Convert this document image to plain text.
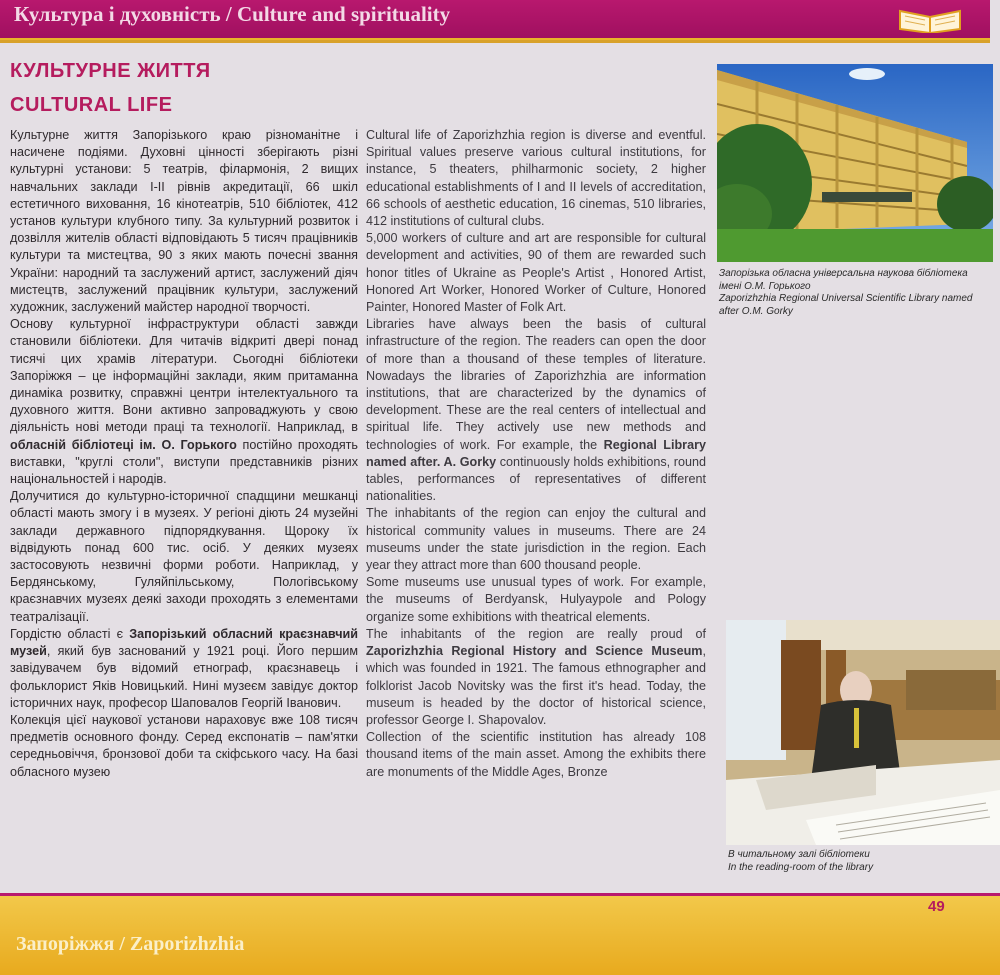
Культура і духовність / Culture and spirituality
КУЛЬТУРНЕ ЖИТТЯ
CULTURAL LIFE

Культурне життя Запорізького краю різноманітне і насичене подіями. Духовні цінності зберігають різні культурні установи: 5 театрів, філармонія, 2 вищих навчальних заклади І-ІІ рівнів акредитації, 66 шкіл естетичного виховання, 16 кінотеатрів, 510 бібліотек, 412 установ культури клубного типу. За культурний розвиток і дозвілля жителів області відповідають 5 тисяч працівників культури та мистецтва, 90 з яких мають почесні звання України: народний та заслужений артист, заслужений діяч мистецтв, заслужений працівник культури, заслужений художник, заслужений майстер народної творчості.

Основу культурної інфраструктури області завжди становили бібліотеки. Для читачів відкриті двері понад тисячі цих храмів літератури. Сьогодні бібліотеки Запоріжжя – це інформаційні заклади, яким притаманна динаміка розвитку, справжні центри інтелектуального та духовного життя. Вони активно запроваджують у свою діяльність нові методи праці та технології. Наприклад, в обласній бібліотеці ім. О. Горького постійно проходять виставки, "круглі столи", виступи представників різних національностей і народів.

Долучитися до культурно-історичної спадщини мешканці області мають змогу і в музеях. У регіоні діють 24 музейні заклади державного підпорядкування. Щороку їх відвідують понад 600 тис. осіб. У деяких музеях застосовують незвичні форми роботи. Наприклад, у Бердянському, Гуляйпільському, Пологівському краєзнавчих музеях деякі заходи проходять з елементами театралізації.

Гордістю області є Запорізький обласний краєзнавчий музей, який був заснований у 1921 році. Його першим завідувачем був відомий етнограф, краєзнавець і фольклорист Яків Новицький. Нині музеєм завідує доктор історичних наук, професор Шаповалов Георгій Іванович.

Колекція цієї наукової установи нараховує вже 108 тисяч предметів основного фонду. Серед експонатів – пам'ятки середньовіччя, бронзової доби та скіфського часу. На базі обласного музею

Cultural life of Zaporizhzhia region is diverse and eventful. Spiritual values preserve various cultural institutions, for instance, 5 theaters, philharmonic society, 2 higher educational establishments of I and II levels of accreditation, 66 schools of aesthetic education, 16 cinemas, 510 libraries, 412 institutions of cultural clubs.

5,000 workers of culture and art are responsible for cultural development and activities, 90 of them are rewarded such honor titles of Ukraine as People's Artist , Honored Artist, Honored Art Worker, Honored Worker of Culture, Honored Painter, Honored Master of Folk Art.

Libraries have always been the basis of cultural infrastructure of the region. The readers can open the door of more than a thousand of these temples of literature. Nowadays the libraries of Zaporizhzhia are information institutions, that are characterized by the dynamics of development. These are the real centers of intellectual and spiritual life. They actively use new methods and technologies of work. For example, the Regional Library named after. A. Gorky continuously holds exhibitions, round tables, performances of representatives of different nationalities.

The inhabitants of the region can enjoy the cultural and historical community values in museums. There are 24 museums under the state jurisdiction in the region. Each year they attract more than 600 thousand people.

Some museums use unusual types of work. For example, the museums of Berdyansk, Hulyaypole and Pology organize some exhibitions with theatrical elements.

The inhabitants of the region are really proud of Zaporizhzhia Regional History and Science Museum, which was founded in 1921. The famous ethnographer and folklorist Jacob Novitsky was the first it's head. Today, the museum is headed by the doctor of historical science, professor George I. Shapovalov.

Collection of the scientific institution has already 108 thousand items of the main asset. Among the exhibits there are monuments of the Middle Ages, Bronze

Запорізька обласна універсальна наукова бібліотека імені О.М. Горького
Zaporizhzhia Regional Universal Scientific Library named after O.M. Gorky
В читальному залі бібліотеки
In the reading-room of the library
Запоріжжя / Zaporizhzhia
49
